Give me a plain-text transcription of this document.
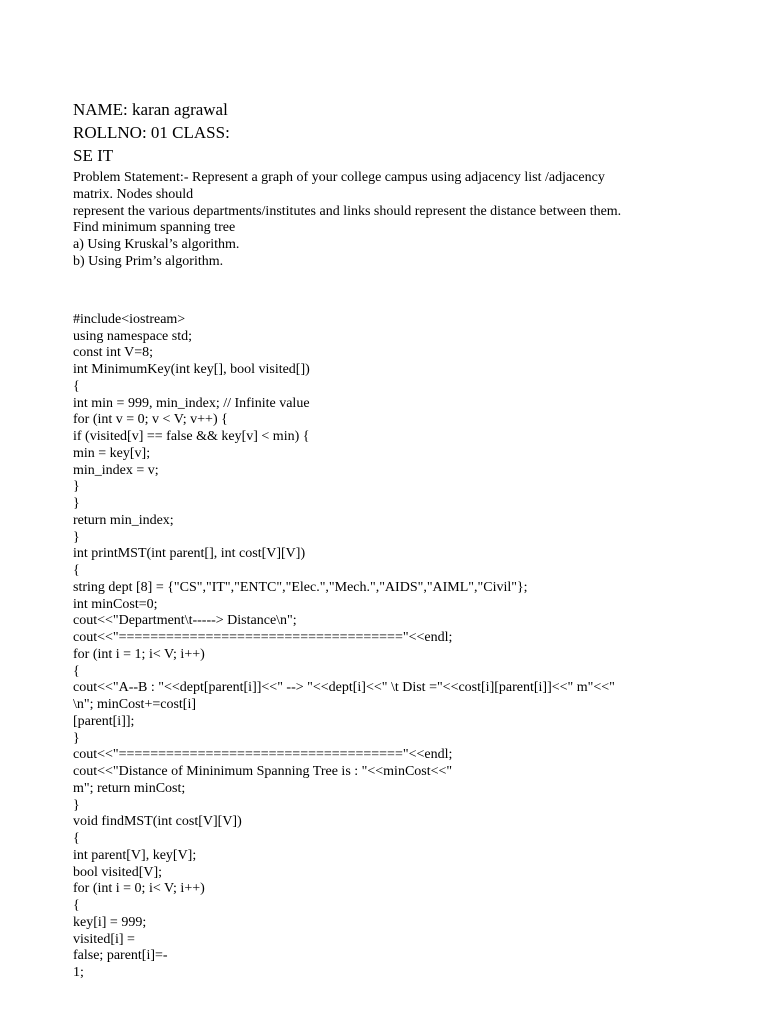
NAME: karan agrawal

ROLLNO: 01 CLASS:

SE IT

Problem Statement:- Represent a graph of your college campus using adjacency list /adjacency

matrix. Nodes should

represent the various departments/institutes and links should represent the distance between them.

Find minimum spanning tree

a) Using Kruskal’s algorithm.

b) Using Prim’s algorithm.

#include<iostream>

using namespace std;

const int V=8;

int MinimumKey(int key[], bool visited[])

{

int min = 999, min_index; // Infinite value

for (int v = 0; v < V; v++) {

if (visited[v] == false && key[v] < min) {

min = key[v];

min_index = v;

}

}

return min_index;

}

int printMST(int parent[], int cost[V][V])

{

string dept [8] = {"CS","IT","ENTC","Elec.","Mech.","AIDS","AIML","Civil"};

int minCost=0;

cout<<"Department\t-----> Distance\n";

cout<<"===================================="<<endl;

for (int i = 1; i< V; i++)

{

cout<<"A--B : "<<dept[parent[i]]<<" --> "<<dept[i]<<" \t Dist ="<<cost[i][parent[i]]<<" m"<<"

\n"; minCost+=cost[i]

[parent[i]];

}

cout<<"===================================="<<endl;

cout<<"Distance of Mininimum Spanning Tree is : "<<minCost<<"

m"; return minCost;

}

void findMST(int cost[V][V])

{

int parent[V], key[V];

bool visited[V];

for (int i = 0; i< V; i++)

{

key[i] = 999;

visited[i] =

false; parent[i]=-

1;
